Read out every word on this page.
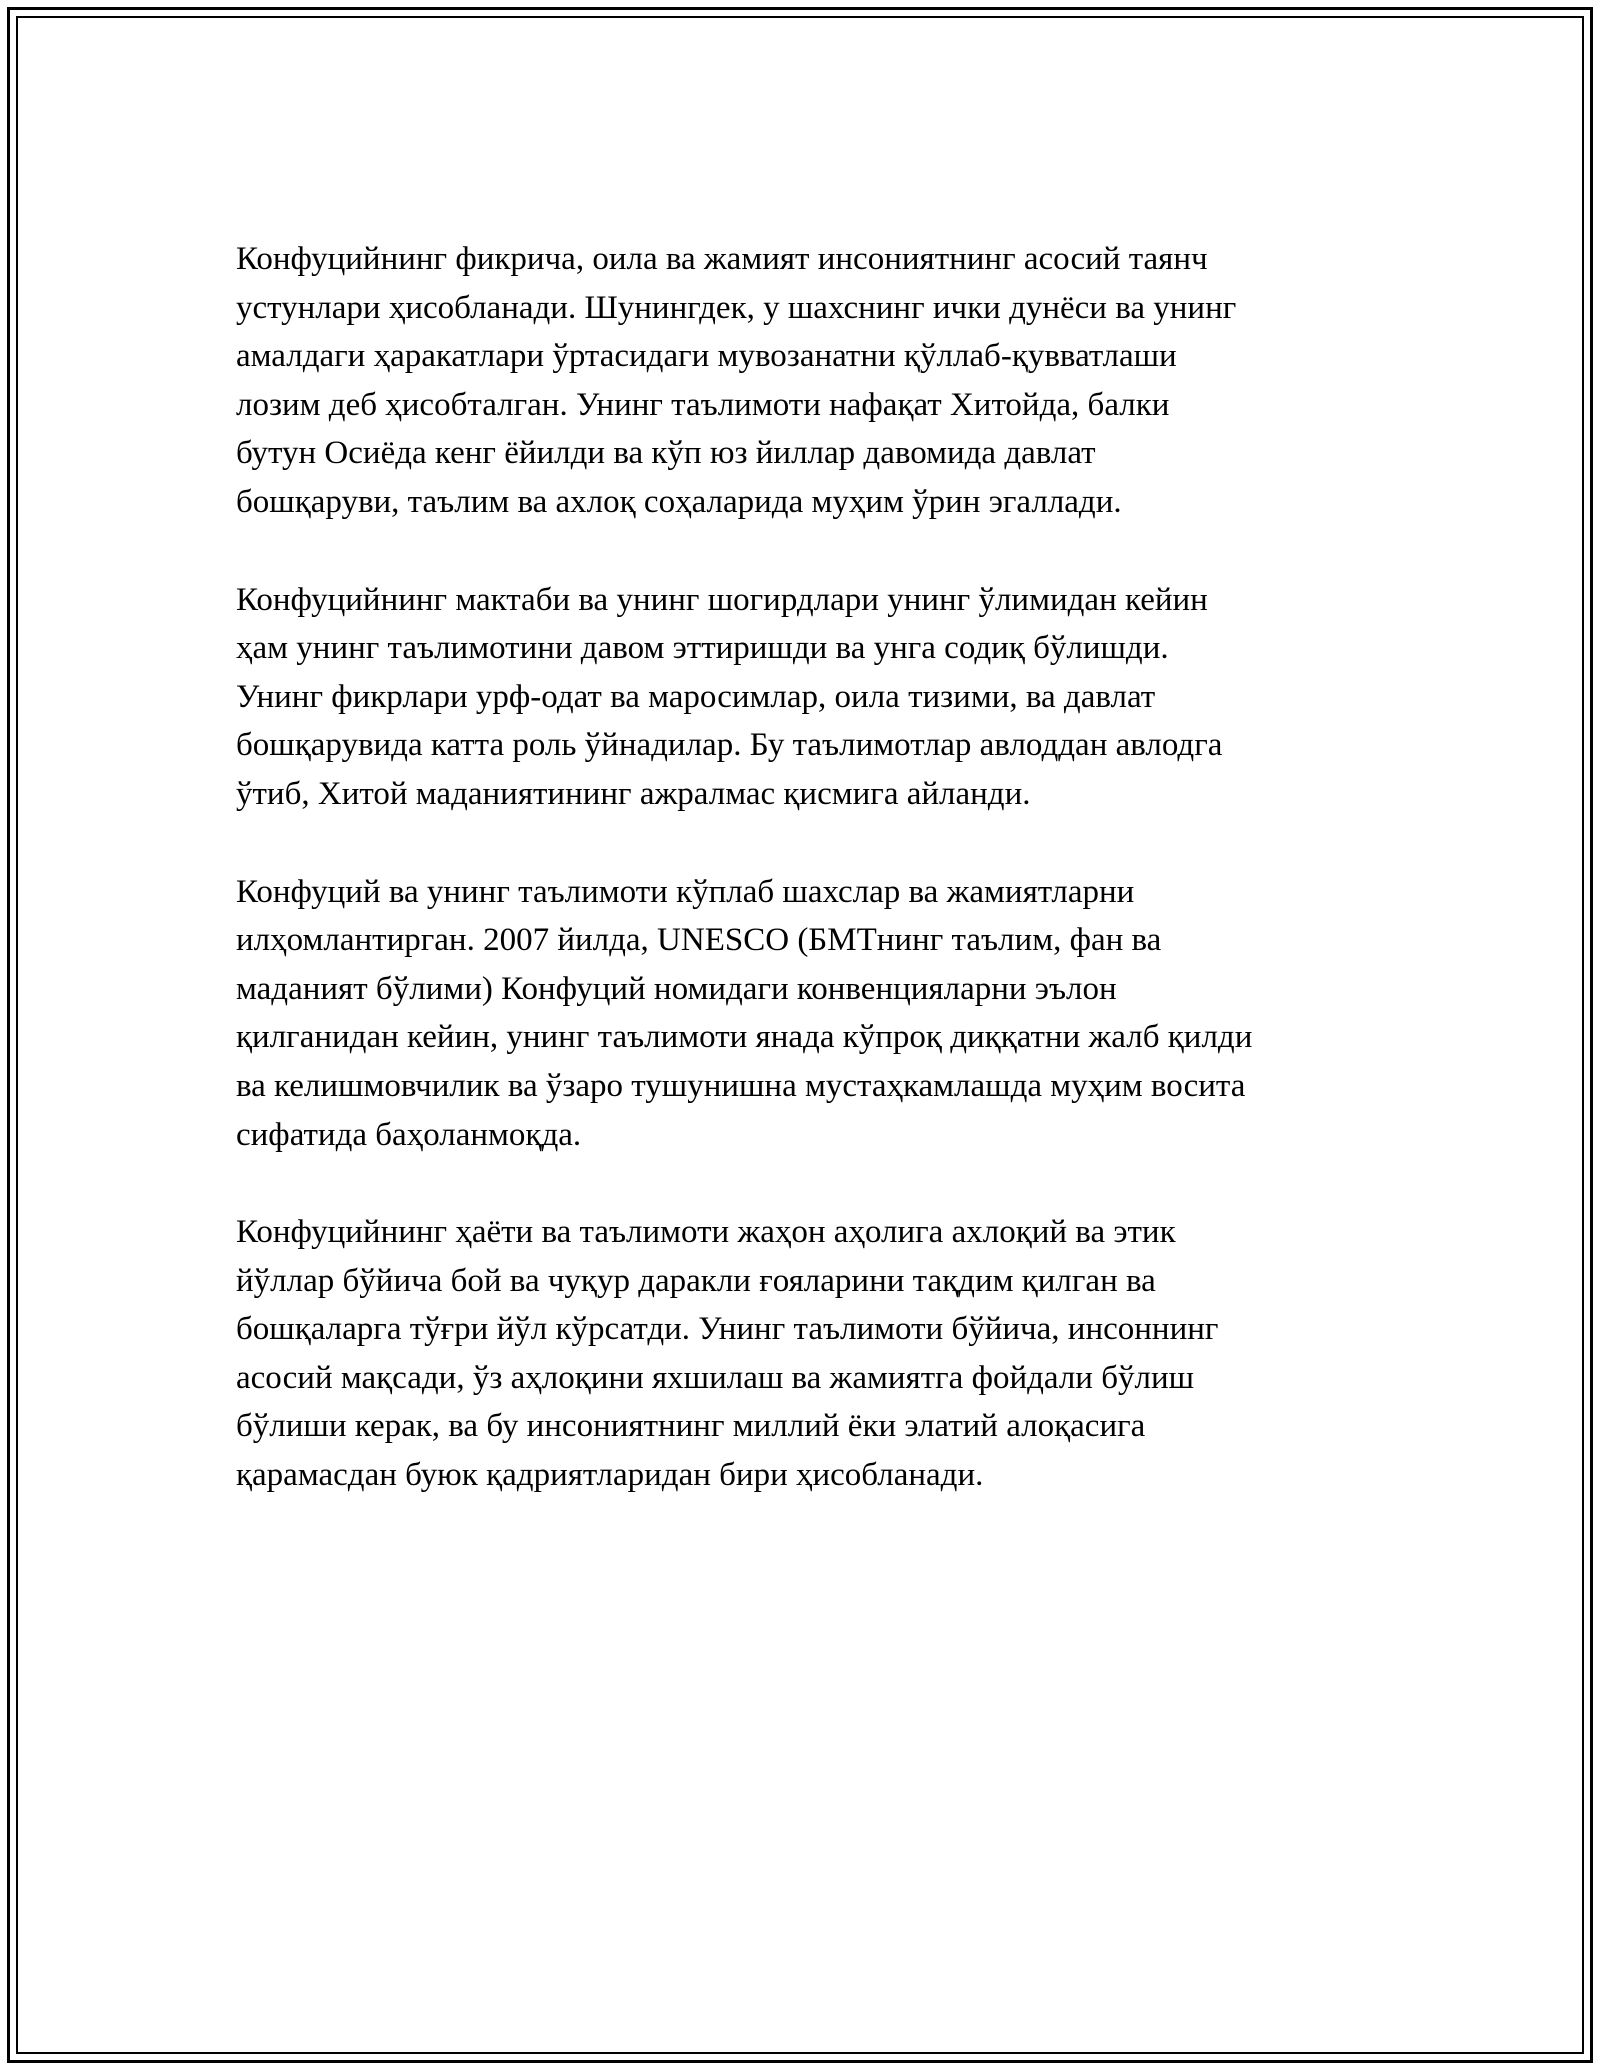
Конфуцийнинг фикрича, оила ва жамият инсониятнинг асосий таянч
устунлари ҳисобланади. Шунингдек, у шахснинг ички дунёси ва унинг
амалдаги ҳаракатлари ўртасидаги мувозанатни қўллаб-қувватлаши
лозим деб ҳисобталган. Унинг таълимоти нафақат Хитойда, балки
бутун Осиёда кенг ёйилди ва кўп юз йиллар давомида давлат
бошқаруви, таълим ва ахлоқ соҳаларида муҳим ўрин эгаллади.

Конфуцийнинг мактаби ва унинг шогирдлари унинг ўлимидан кейин
ҳам унинг таълимотини давом эттиришди ва унга содиқ бўлишди.
Унинг фикрлари урф-одат ва маросимлар, оила тизими, ва давлат
бошқарувида катта роль ўйнадилар. Бу таълимотлар авлоддан авлодга
ўтиб, Хитой маданиятининг ажралмас қисмига айланди.

Конфуций ва унинг таълимоти кўплаб шахслар ва жамиятларни
илҳомлантирган. 2007 йилда, UNESCO (БМТнинг таълим, фан ва
маданият бўлими) Конфуций номидаги конвенцияларни эълон
қилганидан кейин, унинг таълимоти янада кўпроқ диққатни жалб қилди
ва келишмовчилик ва ўзаро тушунишна мустаҳкамлашда муҳим восита
сифатида баҳоланмоқда.

Конфуцийнинг ҳаёти ва таълимоти жаҳон аҳолига ахлоқий ва этик
йўллар бўйича бой ва чуқур даракли ғояларини тақдим қилган ва
бошқаларга тўғри йўл кўрсатди. Унинг таълимоти бўйича, инсоннинг
асосий мақсади, ўз аҳлоқини яхшилаш ва жамиятга фойдали бўлиш
бўлиши керак, ва бу инсониятнинг миллий ёки элатий алоқасига
қарамасдан буюк қадриятларидан бири ҳисобланади.
